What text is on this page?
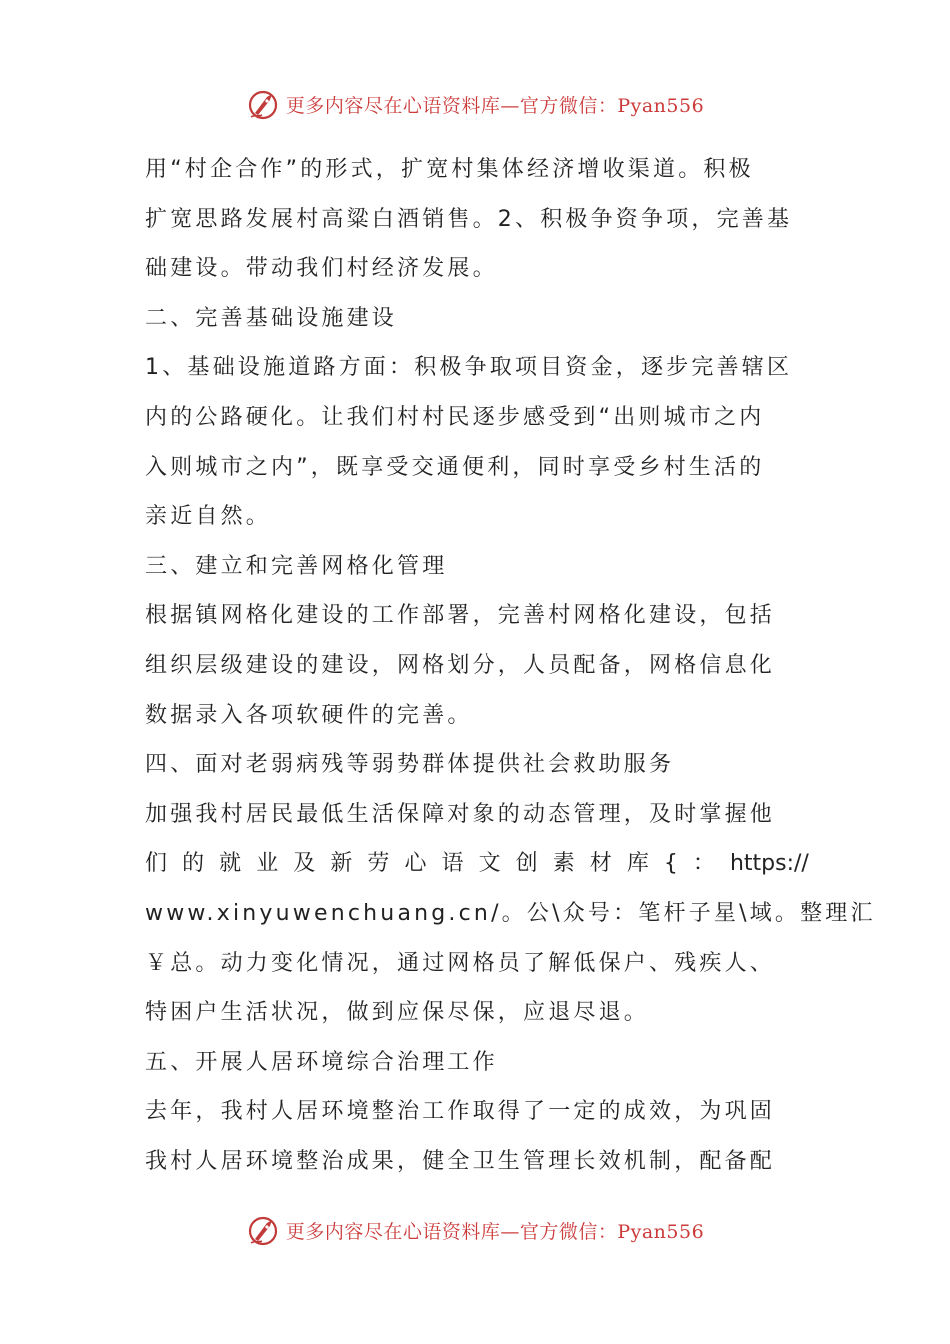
更多内容尽在心语资料库—官方微信：Pyan556
用“村企合作”的形式，扩宽村集体经济增收渠道。积极
扩宽思路发展村高粱白酒销售。2、积极争资争项，完善基
础建设。带动我们村经济发展。
二、完善基础设施建设
1、基础设施道路方面：积极争取项目资金，逐步完善辖区
内的公路硬化。让我们村村民逐步感受到“出则城市之内
入则城市之内”，既享受交通便利，同时享受乡村生活的
亲近自然。
三、建立和完善网格化管理
根据镇网格化建设的工作部署，完善村网格化建设，包括
组织层级建设的建设，网格划分，人员配备，网格信息化
数据录入各项软硬件的完善。
四、面对老弱病残等弱势群体提供社会救助服务
加强我村居民最低生活保障对象的动态管理，及时掌握他
们 的 就 业 及 新 劳 心 语 文 创 素 材 库 { ： https://
www.xinyuwenchuang.cn/。公\众号：笔杆子星\域。整理汇
￥总。动力变化情况，通过网格员了解低保户、残疾人、
特困户生活状况，做到应保尽保，应退尽退。
五、开展人居环境综合治理工作
去年，我村人居环境整治工作取得了一定的成效，为巩固
我村人居环境整治成果，健全卫生管理长效机制，配备配
更多内容尽在心语资料库—官方微信：Pyan556
